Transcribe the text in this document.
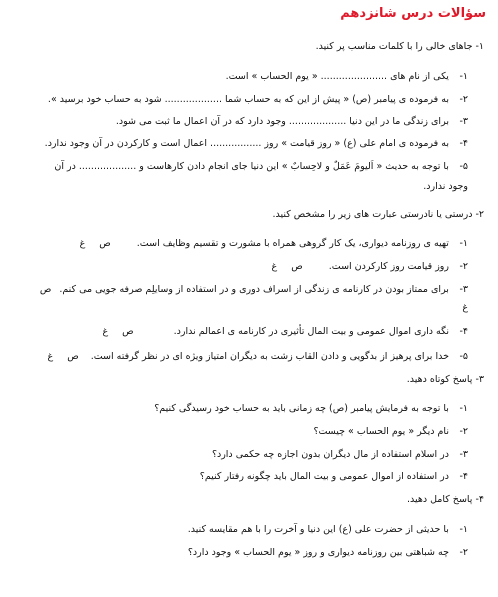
سؤالات درس شانزدهم
۱- جاهای خالی را با کلمات مناسب پر کنید.
۱- یکی از نام های ...................... « یوم الحساب » است.
۲- به فرموده ی پیامبر (ص) « پیش از این که به حساب شما ................... شود به حساب خود برسید ».
۳- برای زندگی ما در این دنیا ................... وجود دارد که در آن اعمال ما ثبت می شود.
۴- به فرموده ی امام علی (ع) « روز قیامت » روز ................. اعمال است و کارکردن در آن وجود ندارد.
۵- با توجه به حدیث « اَلیومَ عَمَلٌ و لاحِسابٌ » این دنیا جای انجام دادن کارهاست و ................... در آن
وجود ندارد.
۲- درستی یا نادرستی عبارت های زیر را مشخص کنید.
۱- تهیه ی روزنامه دیواری، یک کار گروهی همراه با مشورت و تقسیم وظایف است.صغ
۲- روز قیامت روز کارکردن است.صغ
۳- برای ممتاز بودن در کارنامه ی زندگی از اسراف دوری و در استفاده از وسایلِم صرفه جویی می کنم.ص
غ
۴- نگه داری اموال عمومی و بیت المال تأثیری در کارنامه ی اعمالم ندارد.صغ
۵- خدا برای پرهیز از بدگویی و دادن القاب زشت به دیگران امتیاز ویژه ای در نظر گرفته است.صغ
۳- پاسخ کوتاه دهید.
۱- با توجه به فرمایش پیامبر (ص) چه زمانی باید به حساب خود رسیدگی کنیم؟
۲- نام دیگر « یوم الحساب » چیست؟
۳- در اسلام استفاده از مال دیگران بدون اجازه چه حکمی دارد؟
۴- در استفاده از اموال عمومی و بیت المال باید چگونه رفتار کنیم؟
۴- پاسخ کامل دهید.
۱- با حدیثی از حضرت علی (ع) این دنیا و آخرت را با هم مقایسه کنید.
۲- چه شباهتی بین روزنامه دیواری و روز « یوم الحساب » وجود دارد؟
